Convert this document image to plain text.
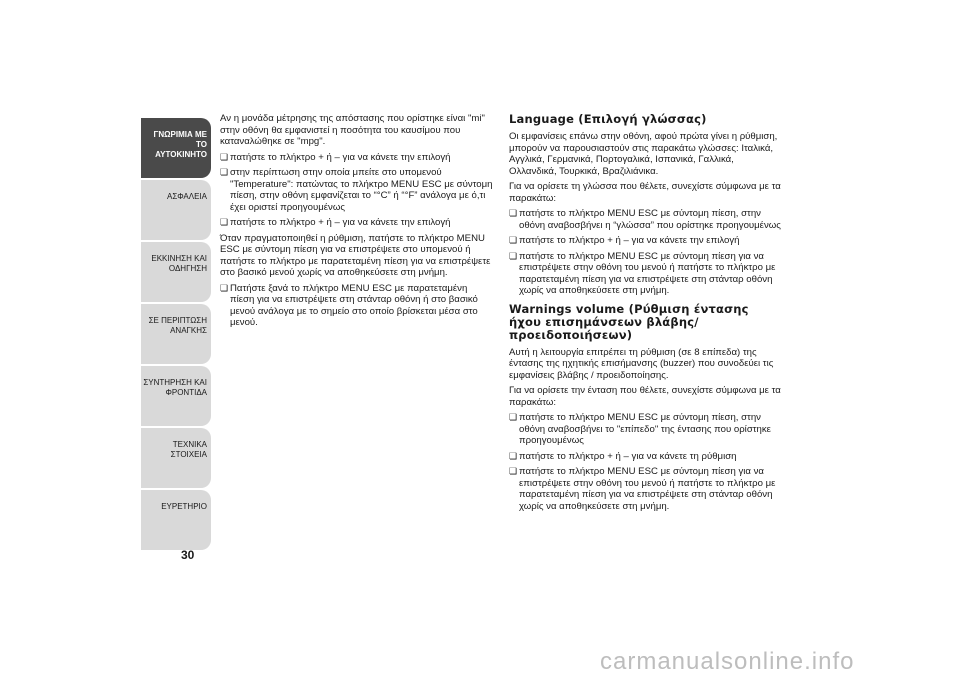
ΓΝΩΡΙΜΙΑ ΜΕ ΤΟ
ΑΥΤΟΚΙΝΗΤΟ
ΑΣΦΑΛΕΙΑ
ΕΚΚΙΝΗΣΗ ΚΑΙ
ΟΔΗΓΗΣΗ
ΣΕ ΠΕΡΙΠΤΩΣΗ
ΑΝΑΓΚΗΣ
ΣΥΝΤΗΡΗΣΗ ΚΑΙ
ΦΡΟΝΤΙΔΑ
ΤΕΧΝΙΚΑ ΣΤΟΙΧΕΙΑ
ΕΥΡΕΤΗΡΙΟ
30

Αν η μονάδα μέτρησης της απόστασης που ορίστηκε είναι "mi" στην οθόνη θα εμφανιστεί η ποσότητα του καυσίμου που καταναλώθηκε σε "mpg".

❏ πατήστε το πλήκτρο + ή – για να κάνετε την επιλογή
❏ στην περίπτωση στην οποία μπείτε στο υπομενού "Temperature": πατώντας το πλήκτρο MENU ESC με σύντομη πίεση, στην οθόνη εμφανίζεται το “°C” ή “°F” ανάλογα με ό,τι έχει οριστεί προηγουμένως
❏ πατήστε το πλήκτρο + ή – για να κάνετε την επιλογή

Όταν πραγματοποιηθεί η ρύθμιση, πατήστε το πλήκτρο MENU ESC με σύντομη πίεση για να επιστρέψετε στο υπομενού ή πατήστε το πλήκτρο με παρατεταμένη πίεση για να επιστρέψετε στο βασικό μενού χωρίς να αποθηκεύσετε στη μνήμη.

❏ Πατήστε ξανά το πλήκτρο MENU ESC με παρατεταμένη πίεση για να επιστρέψετε στη στάνταρ οθόνη ή στο βασικό μενού ανάλογα με το σημείο στο οποίο βρίσκεται μέσα στο μενού.
Language (Επιλογή γλώσσας)

Οι εμφανίσεις επάνω στην οθόνη, αφού πρώτα γίνει η ρύθμιση, μπορούν να παρουσιαστούν στις παρακάτω γλώσσες: Ιταλικά, Αγγλικά, Γερμανικά, Πορτογαλικά, Ισπανικά, Γαλλικά, Ολλανδικά, Τουρκικά, Βραζιλιάνικα.

Για να ορίσετε τη γλώσσα που θέλετε, συνεχίστε σύμφωνα με τα παρακάτω:

❏ πατήστε το πλήκτρο MENU ESC με σύντομη πίεση, στην οθόνη αναβοσβήνει η “γλώσσα” που ορίστηκε προηγουμένως
❏ πατήστε το πλήκτρο + ή – για να κάνετε την επιλογή
❏ πατήστε το πλήκτρο MENU ESC με σύντομη πίεση για να επιστρέψετε στην οθόνη του μενού ή πατήστε το πλήκτρο με παρατεταμένη πίεση για να επιστρέψετε στη στάνταρ οθόνη χωρίς να αποθηκεύσετε στη μνήμη.
Warnings volume (Ρύθμιση έντασης ήχου επισημάνσεων βλάβης/προειδοποιήσεων)

Αυτή η λειτουργία επιτρέπει τη ρύθμιση (σε 8 επίπεδα) της έντασης της ηχητικής επισήμανσης (buzzer) που συνοδεύει τις εμφανίσεις βλάβης / προειδοποίησης.

Για να ορίσετε την ένταση που θέλετε, συνεχίστε σύμφωνα με τα παρακάτω:

❏ πατήστε το πλήκτρο MENU ESC με σύντομη πίεση, στην οθόνη αναβοσβήνει το "επίπεδο" της έντασης που ορίστηκε προηγουμένως
❏ πατήστε το πλήκτρο + ή – για να κάνετε τη ρύθμιση
❏ πατήστε το πλήκτρο MENU ESC με σύντομη πίεση για να επιστρέψετε στην οθόνη του μενού ή πατήστε το πλήκτρο με παρατεταμένη πίεση για να επιστρέψετε στη στάνταρ οθόνη χωρίς να αποθηκεύσετε στη μνήμη.
carmanualsonline.info
